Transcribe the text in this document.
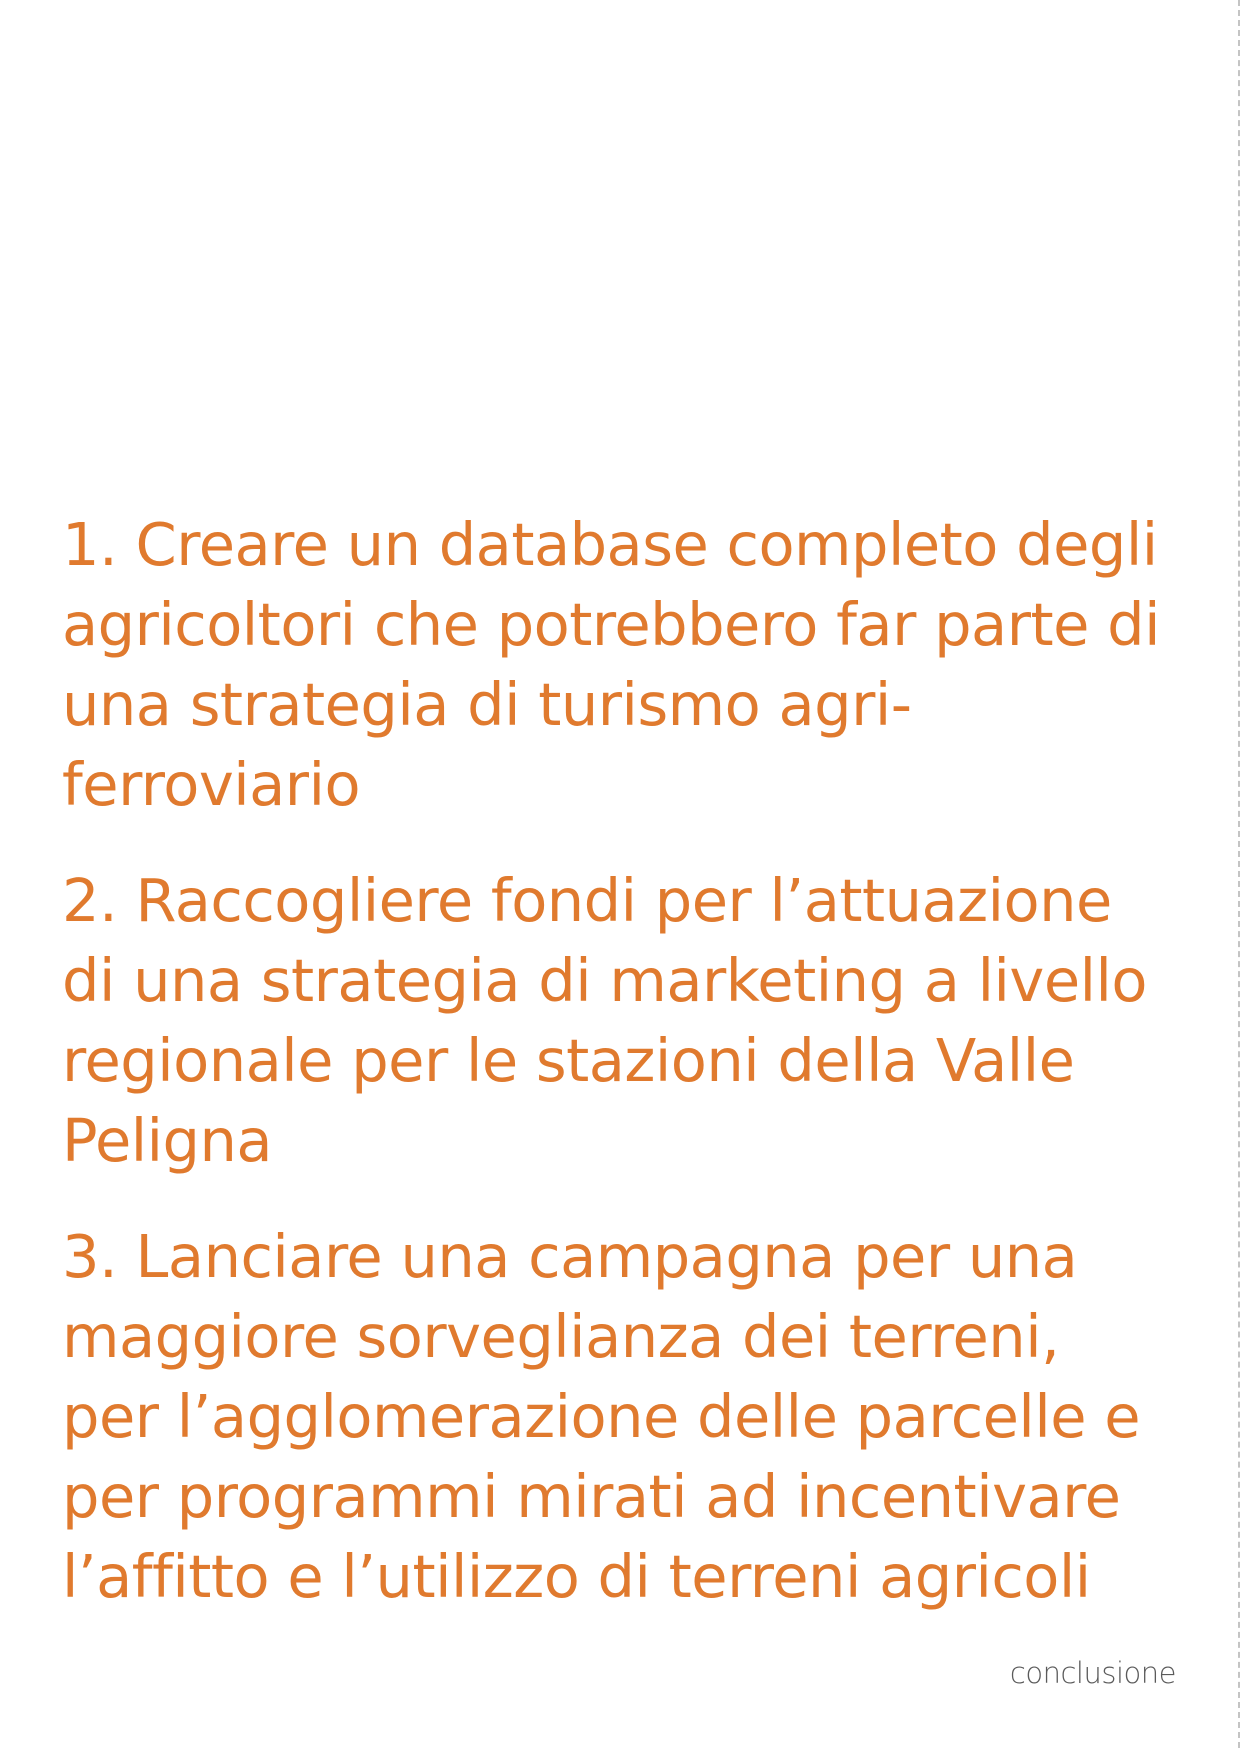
1. Creare un database completo degli agricoltori che potrebbero far parte di una strategia di turismo agri-ferroviario
2. Raccogliere fondi per l’attuazione di una strategia di marketing a livello regionale per le stazioni della Valle Peligna
3. Lanciare una campagna per una maggiore sorveglianza dei terreni, per l’agglomerazione delle parcelle e per programmi mirati ad incentivare l’affitto e l’utilizzo di terreni agricoli
conclusione
